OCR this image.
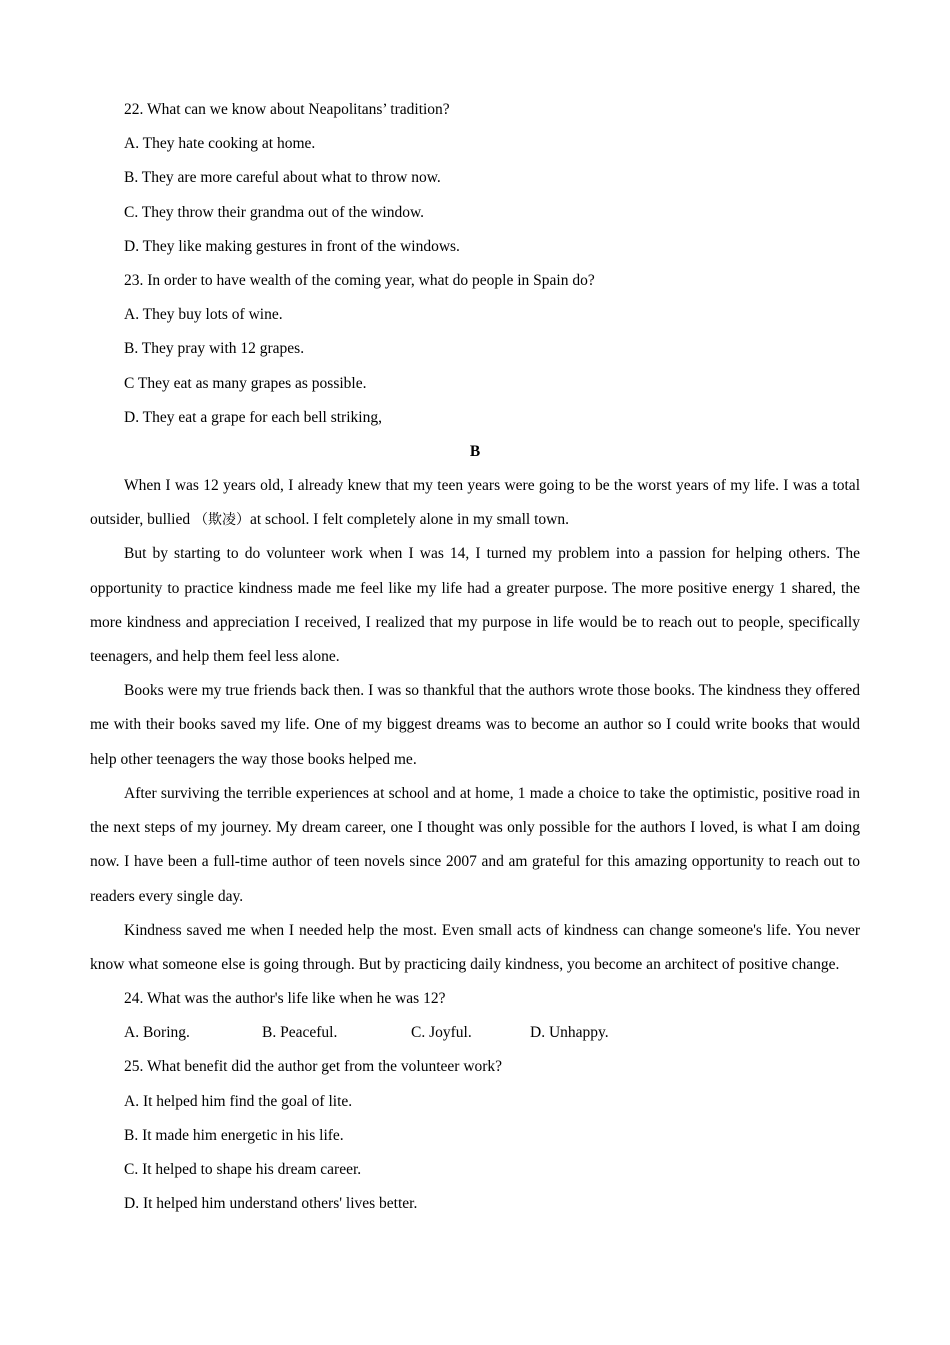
22. What can we know about Neapolitans’ tradition?
A. They hate cooking at home.
B. They are more careful about what to throw now.
C. They throw their grandma out of the window.
D. They like making gestures in front of the windows.
23. In order to have wealth of the coming year, what do people in Spain do?
A. They buy lots of wine.
B. They pray with 12 grapes.
C They eat as many grapes as possible.
D. They eat a grape for each bell striking,
B

When I was 12 years old, I already knew that my teen years were going to be the worst years of my life. I was a total outsider, bullied （欺凌）at school. I felt completely alone in my small town.

But by starting to do volunteer work when I was 14, I turned my problem into a passion for helping others. The opportunity to practice kindness made me feel like my life had a greater purpose. The more positive energy 1 shared, the more kindness and appreciation I received, I realized that my purpose in life would be to reach out to people, specifically teenagers, and help them feel less alone.

Books were my true friends back then. I was so thankful that the authors wrote those books. The kindness they offered me with their books saved my life. One of my biggest dreams was to become an author so I could write books that would help other teenagers the way those books helped me.

After surviving the terrible experiences at school and at home, 1 made a choice to take the optimistic, positive road in the next steps of my journey. My dream career, one I thought was only possible for the authors I loved, is what I am doing now. I have been a full-time author of teen novels since 2007 and am grateful for this amazing opportunity to reach out to readers every single day.

Kindness saved me when I needed help the most. Even small acts of kindness can change someone's life. You never know what someone else is going through. But by practicing daily kindness, you become an architect of positive change.

24. What was the author's life like when he was 12?
A. Boring.	B. Peaceful.	C. Joyful.	D. Unhappy.
25. What benefit did the author get from the volunteer work?
A. It helped him find the goal of lite.
B. It made him energetic in his life.
C. It helped to shape his dream career.
D. It helped him understand others' lives better.
